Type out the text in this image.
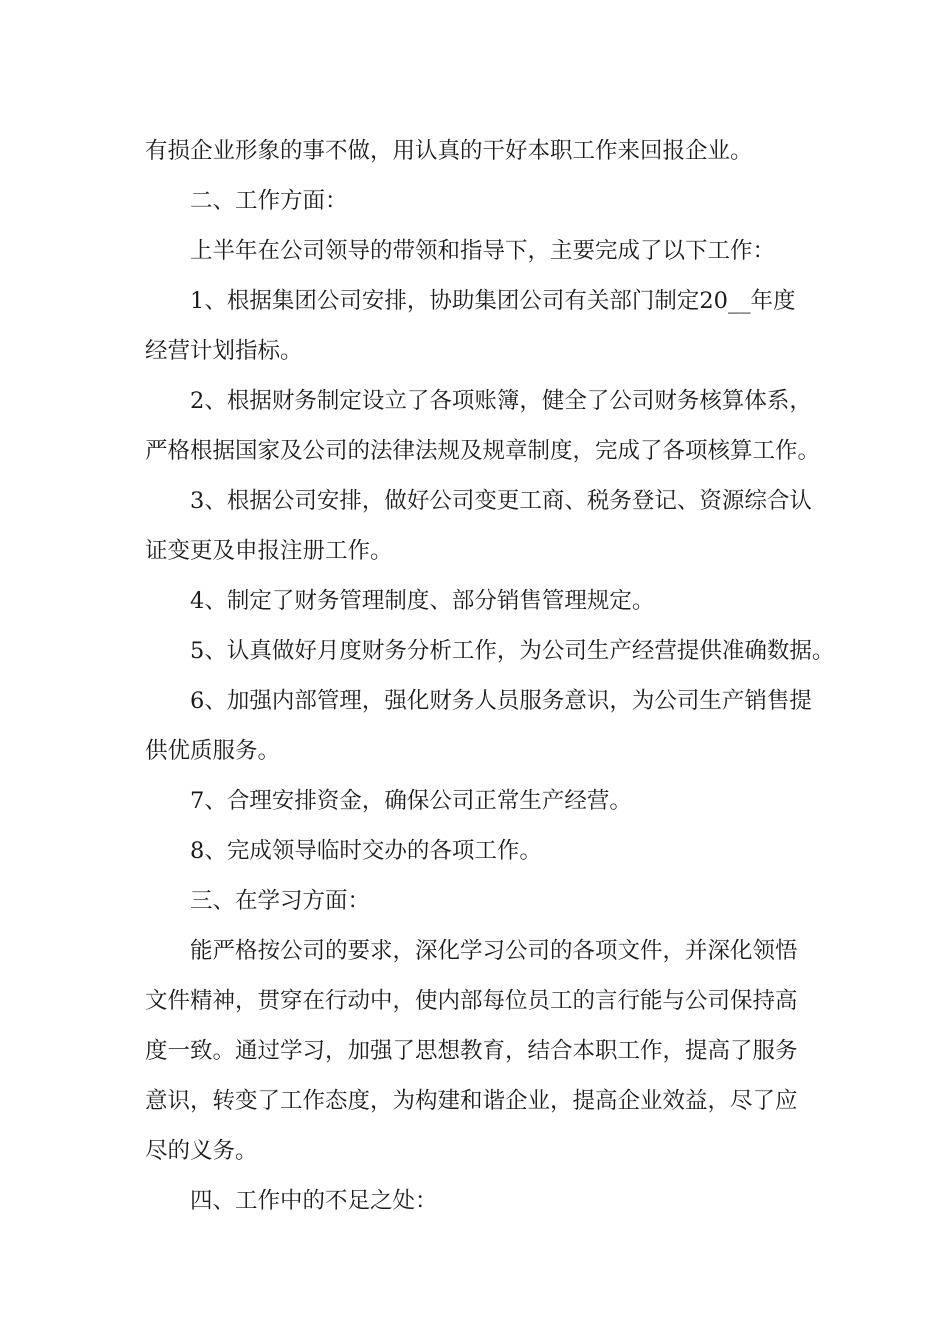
有损企业形象的事不做，用认真的干好本职工作来回报企业。
二、工作方面：
上半年在公司领导的带领和指导下，主要完成了以下工作：
1、根据集团公司安排，协助集团公司有关部门制定20__年度
经营计划指标。
2、根据财务制定设立了各项账簿，健全了公司财务核算体系，
严格根据国家及公司的法律法规及规章制度，完成了各项核算工作。
3、根据公司安排，做好公司变更工商、税务登记、资源综合认
证变更及申报注册工作。
4、制定了财务管理制度、部分销售管理规定。
5、认真做好月度财务分析工作，为公司生产经营提供准确数据。
6、加强内部管理，强化财务人员服务意识，为公司生产销售提
供优质服务。
7、合理安排资金，确保公司正常生产经营。
8、完成领导临时交办的各项工作。
三、在学习方面：
能严格按公司的要求，深化学习公司的各项文件，并深化领悟
文件精神，贯穿在行动中，使内部每位员工的言行能与公司保持高
度一致。通过学习，加强了思想教育，结合本职工作，提高了服务
意识，转变了工作态度，为构建和谐企业，提高企业效益，尽了应
尽的义务。
四、工作中的不足之处：
